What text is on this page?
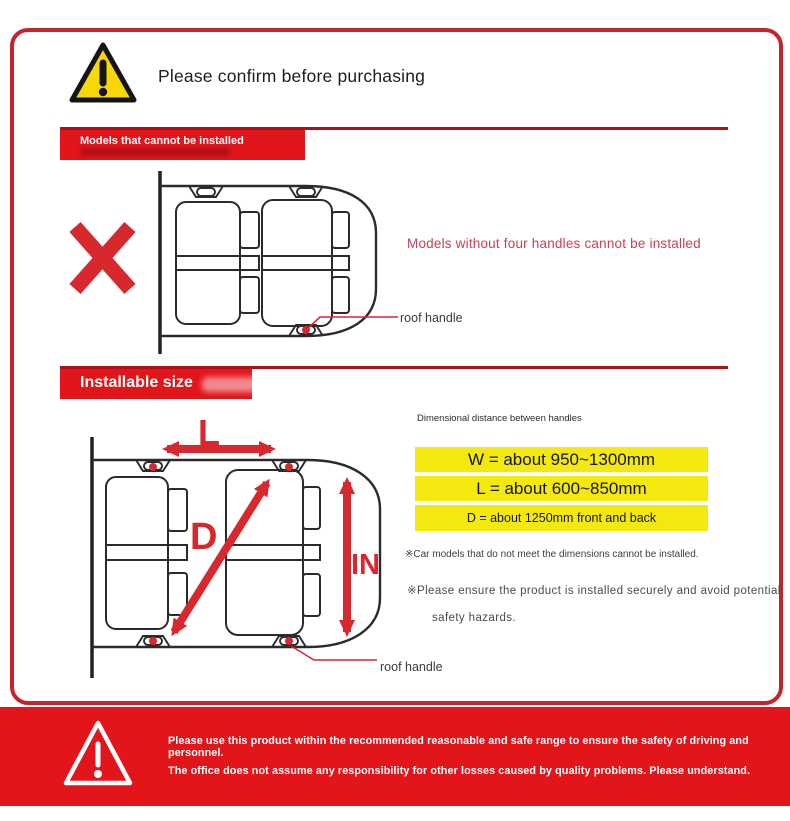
Please confirm before purchasing
Models that cannot be installed
Models without four handles cannot be installed
roof handle
Installable size
L
D
IN
Dimensional distance between handles
W = about 950~1300mm
L = about 600~850mm
D = about 1250mm front and back
※Car models that do not meet the dimensions cannot be installed.
※Please ensure the product is installed securely and avoid potential
safety hazards.
roof handle
Please use this product within the recommended reasonable and safe range to ensure the safety of driving and personnel.
The office does not assume any responsibility for other losses caused by quality problems. Please understand.
